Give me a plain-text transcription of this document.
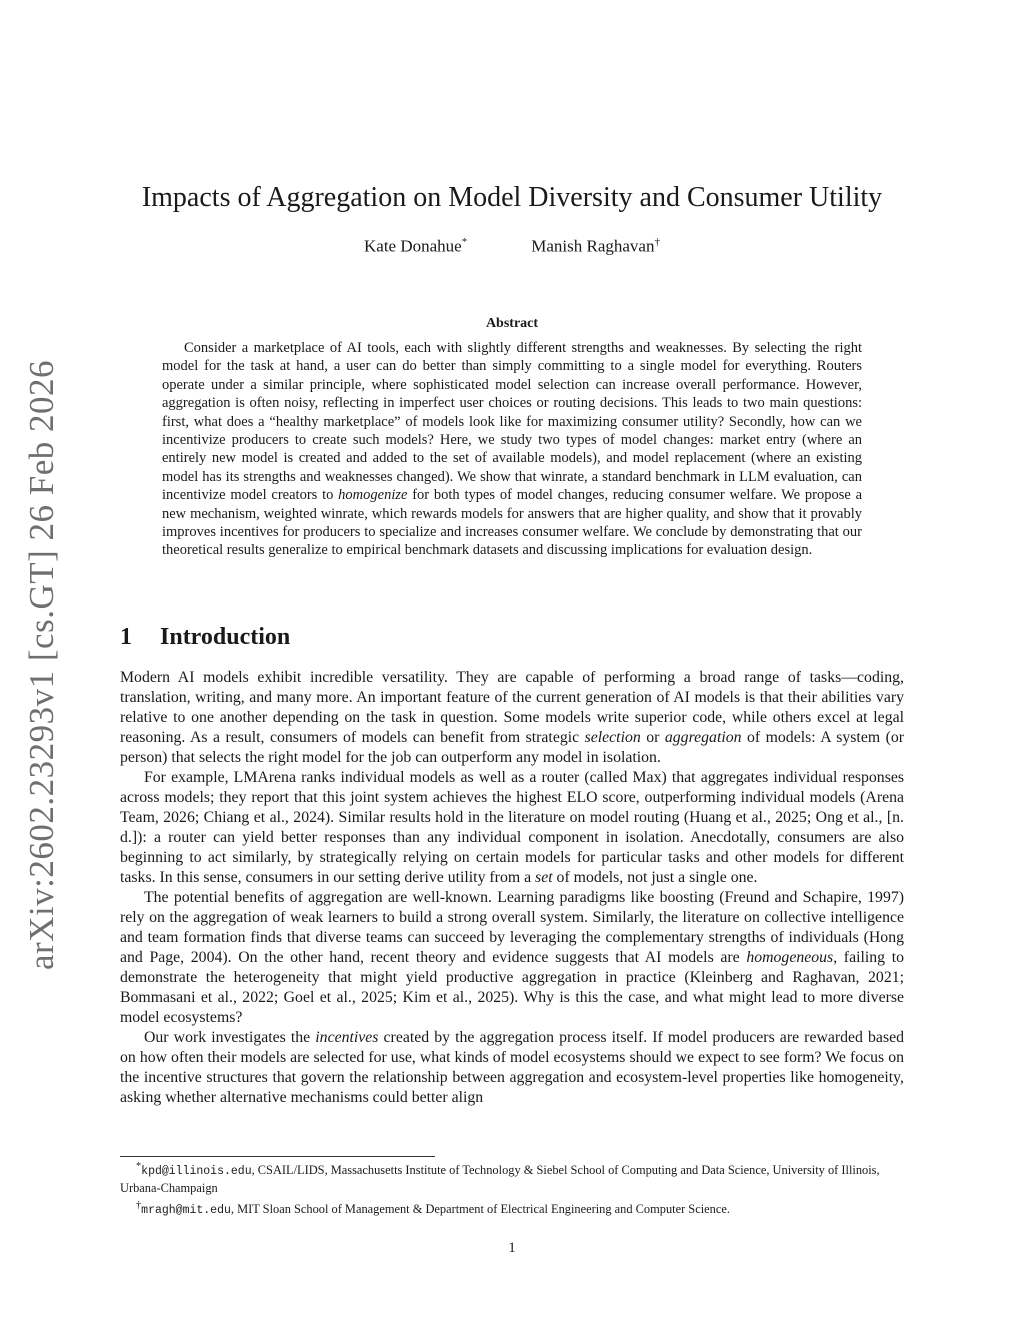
arXiv:2602.23293v1 [cs.GT] 26 Feb 2026
Impacts of Aggregation on Model Diversity and Consumer Utility
Kate Donahue*	Manish Raghavan†
Abstract

Consider a marketplace of AI tools, each with slightly different strengths and weaknesses. By selecting the right model for the task at hand, a user can do better than simply committing to a single model for everything. Routers operate under a similar principle, where sophisticated model selection can increase overall performance. However, aggregation is often noisy, reflecting in imperfect user choices or routing decisions. This leads to two main questions: first, what does a “healthy marketplace” of models look like for maximizing consumer utility? Secondly, how can we incentivize producers to create such models? Here, we study two types of model changes: market entry (where an entirely new model is created and added to the set of available models), and model replacement (where an existing model has its strengths and weaknesses changed). We show that winrate, a standard benchmark in LLM evaluation, can incentivize model creators to homogenize for both types of model changes, reducing consumer welfare. We propose a new mechanism, weighted winrate, which rewards models for answers that are higher quality, and show that it provably improves incentives for producers to specialize and increases consumer welfare. We conclude by demonstrating that our theoretical results generalize to empirical benchmark datasets and discussing implications for evaluation design.

1 Introduction

Modern AI models exhibit incredible versatility. They are capable of performing a broad range of tasks—coding, translation, writing, and many more. An important feature of the current generation of AI models is that their abilities vary relative to one another depending on the task in question. Some models write superior code, while others excel at legal reasoning. As a result, consumers of models can benefit from strategic selection or aggregation of models: A system (or person) that selects the right model for the job can outperform any model in isolation.

For example, LMArena ranks individual models as well as a router (called Max) that aggregates individual responses across models; they report that this joint system achieves the highest ELO score, outperforming individual models (Arena Team, 2026; Chiang et al., 2024). Similar results hold in the literature on model routing (Huang et al., 2025; Ong et al., [n. d.]): a router can yield better responses than any individual component in isolation. Anecdotally, consumers are also beginning to act similarly, by strategically relying on certain models for particular tasks and other models for different tasks. In this sense, consumers in our setting derive utility from a set of models, not just a single one.

The potential benefits of aggregation are well-known. Learning paradigms like boosting (Freund and Schapire, 1997) rely on the aggregation of weak learners to build a strong overall system. Similarly, the literature on collective intelligence and team formation finds that diverse teams can succeed by leveraging the complementary strengths of individuals (Hong and Page, 2004). On the other hand, recent theory and evidence suggests that AI models are homogeneous, failing to demonstrate the heterogeneity that might yield productive aggregation in practice (Kleinberg and Raghavan, 2021; Bommasani et al., 2022; Goel et al., 2025; Kim et al., 2025). Why is this the case, and what might lead to more diverse model ecosystems?

Our work investigates the incentives created by the aggregation process itself. If model producers are rewarded based on how often their models are selected for use, what kinds of model ecosystems should we expect to see form? We focus on the incentive structures that govern the relationship between aggregation and ecosystem-level properties like homogeneity, asking whether alternative mechanisms could better align

*kpd@illinois.edu, CSAIL/LIDS, Massachusetts Institute of Technology & Siebel School of Computing and Data Science, University of Illinois, Urbana-Champaign

†mragh@mit.edu, MIT Sloan School of Management & Department of Electrical Engineering and Computer Science.

1
